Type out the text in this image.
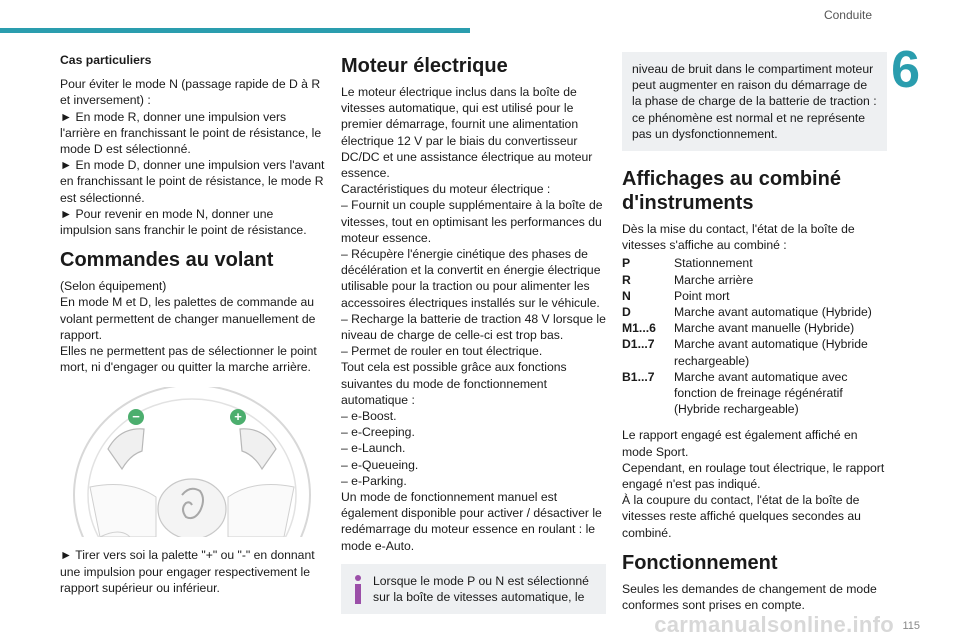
Conduite
6
Cas particuliers

Pour éviter le mode N (passage rapide de D à R et inversement) :

► En mode R, donner une impulsion vers l'arrière en franchissant le point de résistance, le mode D est sélectionné.

► En mode D, donner une impulsion vers l'avant en franchissant le point de résistance, le mode R est sélectionné.

► Pour revenir en mode N, donner une impulsion sans franchir le point de résistance.

Commandes au volant

(Selon équipement)

En mode M et D, les palettes de commande au volant permettent de changer manuellement de rapport.

Elles ne permettent pas de sélectionner le point mort, ni d'engager ou quitter la marche arrière.

−	+

► Tirer vers soi la palette "+" ou "-" en donnant une impulsion pour engager respectivement le rapport supérieur ou inférieur.

Moteur électrique

Le moteur électrique inclus dans la boîte de vitesses automatique, qui est utilisé pour le premier démarrage, fournit une alimentation électrique 12 V par le biais du convertisseur DC/DC et une assistance électrique au moteur essence.

Caractéristiques du moteur électrique :

– Fournit un couple supplémentaire à la boîte de vitesses, tout en optimisant les performances du moteur essence.

– Récupère l'énergie cinétique des phases de décélération et la convertit en énergie électrique utilisable pour la traction ou pour alimenter les accessoires électriques installés sur le véhicule.

– Recharge la batterie de traction 48 V lorsque le niveau de charge de celle-ci est trop bas.

– Permet de rouler en tout électrique.

Tout cela est possible grâce aux fonctions suivantes du mode de fonctionnement automatique :

– e-Boost.

– e-Creeping.

– e-Launch.

– e-Queueing.

– e-Parking.

Un mode de fonctionnement manuel est également disponible pour activer / désactiver le redémarrage du moteur essence en roulant : le mode e-Auto.

Lorsque le mode P ou N est sélectionné sur la boîte de vitesses automatique, le

niveau de bruit dans le compartiment moteur peut augmenter en raison du démarrage de la phase de charge de la batterie de traction : ce phénomène est normal et ne représente pas un dysfonctionnement.

Affichages au combiné d'instruments

Dès la mise du contact, l'état de la boîte de vitesses s'affiche au combiné :

P	Stationnement
R	Marche arrière
N	Point mort
D	Marche avant automatique (Hybride)
M1...6	Marche avant manuelle (Hybride)
D1...7	Marche avant automatique (Hybride rechargeable)
B1...7	Marche avant automatique avec fonction de freinage régénératif (Hybride rechargeable)

Le rapport engagé est également affiché en mode Sport.

Cependant, en roulage tout électrique, le rapport engagé n'est pas indiqué.

À la coupure du contact, l'état de la boîte de vitesses reste affiché quelques secondes au combiné.

Fonctionnement

Seules les demandes de changement de mode conformes sont prises en compte.

carmanualsonline.info 115
